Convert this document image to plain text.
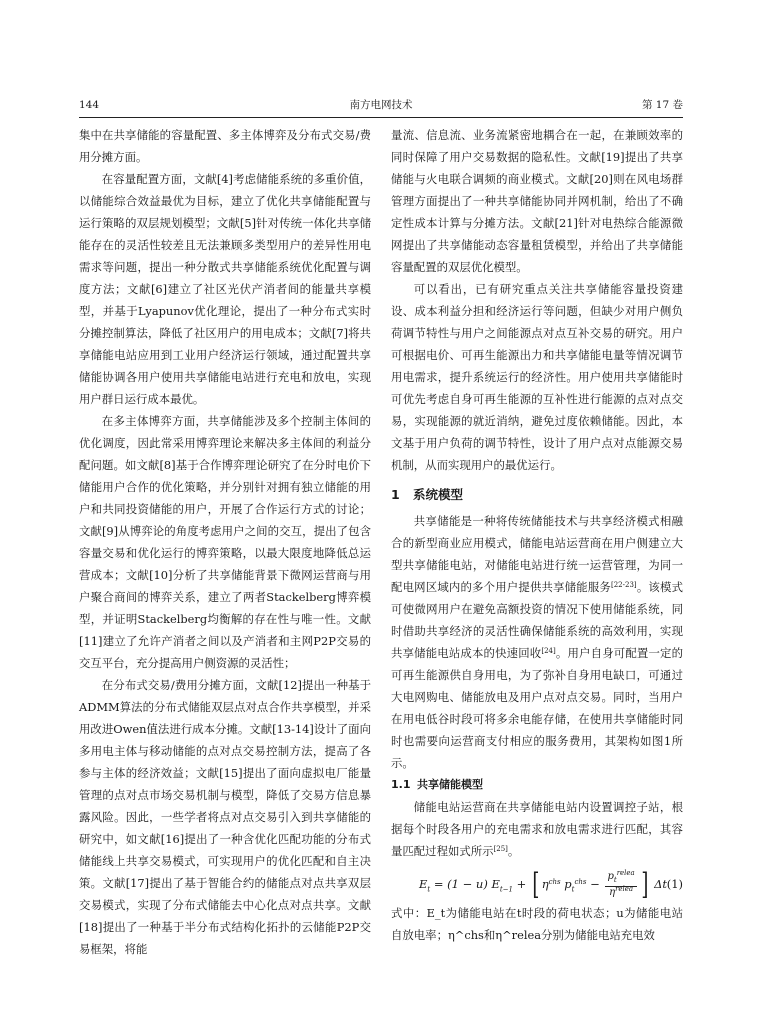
144	南方电网技术	第 17 卷

集中在共享储能的容量配置、多主体博弈及分布式交易/费用分摊方面。

在容量配置方面，文献[4]考虑储能系统的多重价值，以储能综合效益最优为目标，建立了优化共享储能配置与运行策略的双层规划模型；文献[5]针对传统一体化共享储能存在的灵活性较差且无法兼顾多类型用户的差异性用电需求等问题，提出一种分散式共享储能系统优化配置与调度方法；文献[6]建立了社区光伏产消者间的能量共享模型，并基于Lyapunov优化理论，提出了一种分布式实时分摊控制算法，降低了社区用户的用电成本；文献[7]将共享储能电站应用到工业用户经济运行领域，通过配置共享储能协调各用户使用共享储能电站进行充电和放电，实现用户群日运行成本最优。

在多主体博弈方面，共享储能涉及多个控制主体间的优化调度，因此常采用博弈理论来解决多主体间的利益分配问题。如文献[8]基于合作博弈理论研究了在分时电价下储能用户合作的优化策略，并分别针对拥有独立储能的用户和共同投资储能的用户，开展了合作运行方式的讨论；文献[9]从博弈论的角度考虑用户之间的交互，提出了包含容量交易和优化运行的博弈策略，以最大限度地降低总运营成本；文献[10]分析了共享储能背景下微网运营商与用户聚合商间的博弈关系，建立了两者Stackelberg博弈模型，并证明Stackelberg均衡解的存在性与唯一性。文献[11]建立了允许产消者之间以及产消者和主网P2P交易的交互平台，充分提高用户侧资源的灵活性；

在分布式交易/费用分摊方面，文献[12]提出一种基于ADMM算法的分布式储能双层点对点合作共享模型，并采用改进Owen值法进行成本分摊。文献[13-14]设计了面向多用电主体与移动储能的点对点交易控制方法，提高了各参与主体的经济效益；文献[15]提出了面向虚拟电厂能量管理的点对点市场交易机制与模型，降低了交易方信息暴露风险。因此，一些学者将点对点交易引入到共享储能的研究中，如文献[16]提出了一种含优化匹配功能的分布式储能线上共享交易模式，可实现用户的优化匹配和自主决策。文献[17]提出了基于智能合约的储能点对点共享双层交易模式，实现了分布式储能去中心化点对点共享。文献[18]提出了一种基于半分布式结构化拓扑的云储能P2P交易框架，将能

量流、信息流、业务流紧密地耦合在一起，在兼顾效率的同时保障了用户交易数据的隐私性。文献[19]提出了共享储能与火电联合调频的商业模式。文献[20]则在风电场群管理方面提出了一种共享储能协同并网机制，给出了不确定性成本计算与分摊方法。文献[21]针对电热综合能源微网提出了共享储能动态容量租赁模型，并给出了共享储能容量配置的双层优化模型。

可以看出，已有研究重点关注共享储能容量投资建设、成本利益分担和经济运行等问题，但缺少对用户侧负荷调节特性与用户之间能源点对点互补交易的研究。用户可根据电价、可再生能源出力和共享储能电量等情况调节用电需求，提升系统运行的经济性。用户使用共享储能时可优先考虑自身可再生能源的互补性进行能源的点对点交易，实现能源的就近消纳，避免过度依赖储能。因此，本文基于用户负荷的调节特性，设计了用户点对点能源交易机制，从而实现用户的最优运行。

1 系统模型

共享储能是一种将传统储能技术与共享经济模式相融合的新型商业应用模式，储能电站运营商在用户侧建立大型共享储能电站，对储能电站进行统一运营管理，为同一配电网区域内的多个用户提供共享储能服务[22-23]。该模式可使微网用户在避免高额投资的情况下使用储能系统，同时借助共享经济的灵活性确保储能系统的高效利用，实现共享储能电站成本的快速回收[24]。用户自身可配置一定的可再生能源供自身用电，为了弥补自身用电缺口，可通过大电网购电、储能放电及用户点对点交易。同时，当用户在用电低谷时段可将多余电能存储，在使用共享储能时同时也需要向运营商支付相应的服务费用，其架构如图1所示。

1.1 共享储能模型

储能电站运营商在共享储能电站内设置调控子站，根据每个时段各用户的充电需求和放电需求进行匹配，其容量匹配过程如式所示[25]。

$E_t = (1 - u) E_{t-1}$ + [ $\eta^{chs}$ $p_t^{chs} - \frac{p_t^{relea}}{\eta^{relea}}$ ] Δt (1)

式中：E_t为储能电站在t时段的荷电状态；u为储能电站自放电率；η^chs和η^relea分别为储能电站充电效
